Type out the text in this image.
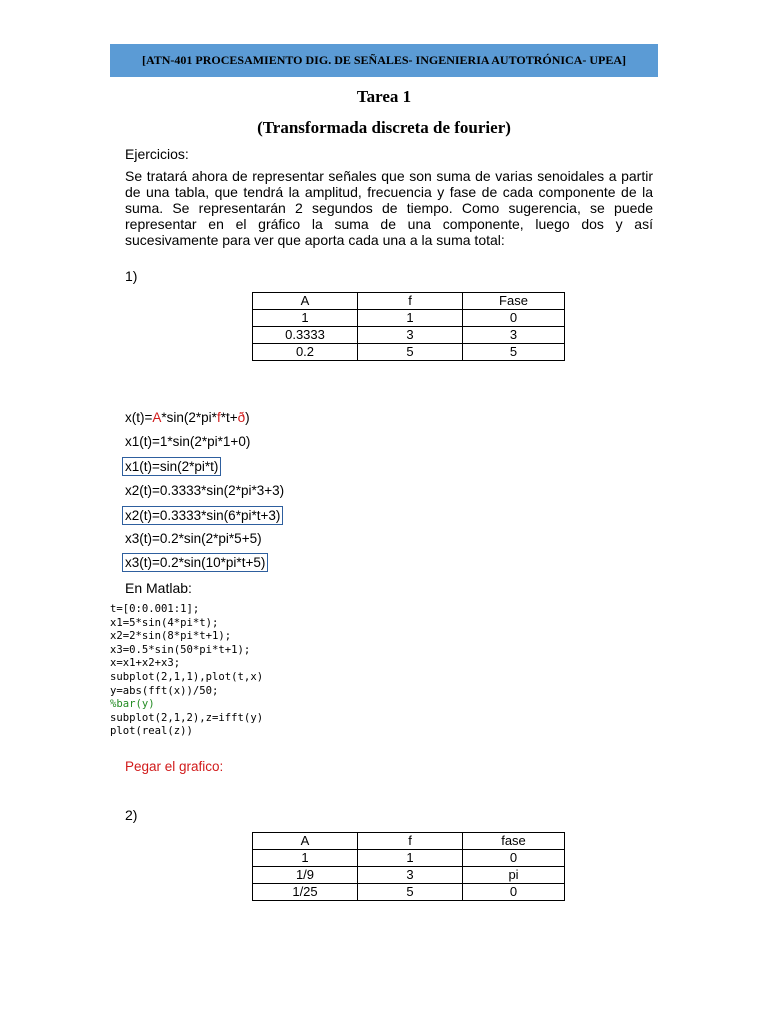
[ATN-401 PROCESAMIENTO DIG. DE SEÑALES- INGENIERIA AUTOTRÓNICA- UPEA]
Tarea 1
(Transformada discreta de fourier)
Ejercicios:
Se tratará ahora de representar señales que son suma de varias senoidales a partir de una tabla, que tendrá la amplitud, frecuencia y fase de cada componente de la suma. Se representarán 2 segundos de tiempo. Como sugerencia, se puede representar en el gráfico la suma de una componente, luego dos y así sucesivamente para ver que aporta cada una a la suma total:
1)
A	f	Fase
1	1	0
0.3333	3	3
0.2	5	5
x(t)=A*sin(2*pi*f*t+ð)
x1(t)=1*sin(2*pi*1+0)
x1(t)=sin(2*pi*t)
x2(t)=0.3333*sin(2*pi*3+3)
x2(t)=0.3333*sin(6*pi*t+3)
x3(t)=0.2*sin(2*pi*5+5)
x3(t)=0.2*sin(10*pi*t+5)
En Matlab:
t=[0:0.001:1];
x1=5*sin(4*pi*t);
x2=2*sin(8*pi*t+1);
x3=0.5*sin(50*pi*t+1);
x=x1+x2+x3;
subplot(2,1,1),plot(t,x)
y=abs(fft(x))/50;
%bar(y)
subplot(2,1,2),z=ifft(y)
plot(real(z))
Pegar el grafico:
2)
A	f	fase
1	1	0
1/9	3	pi
1/25	5	0
